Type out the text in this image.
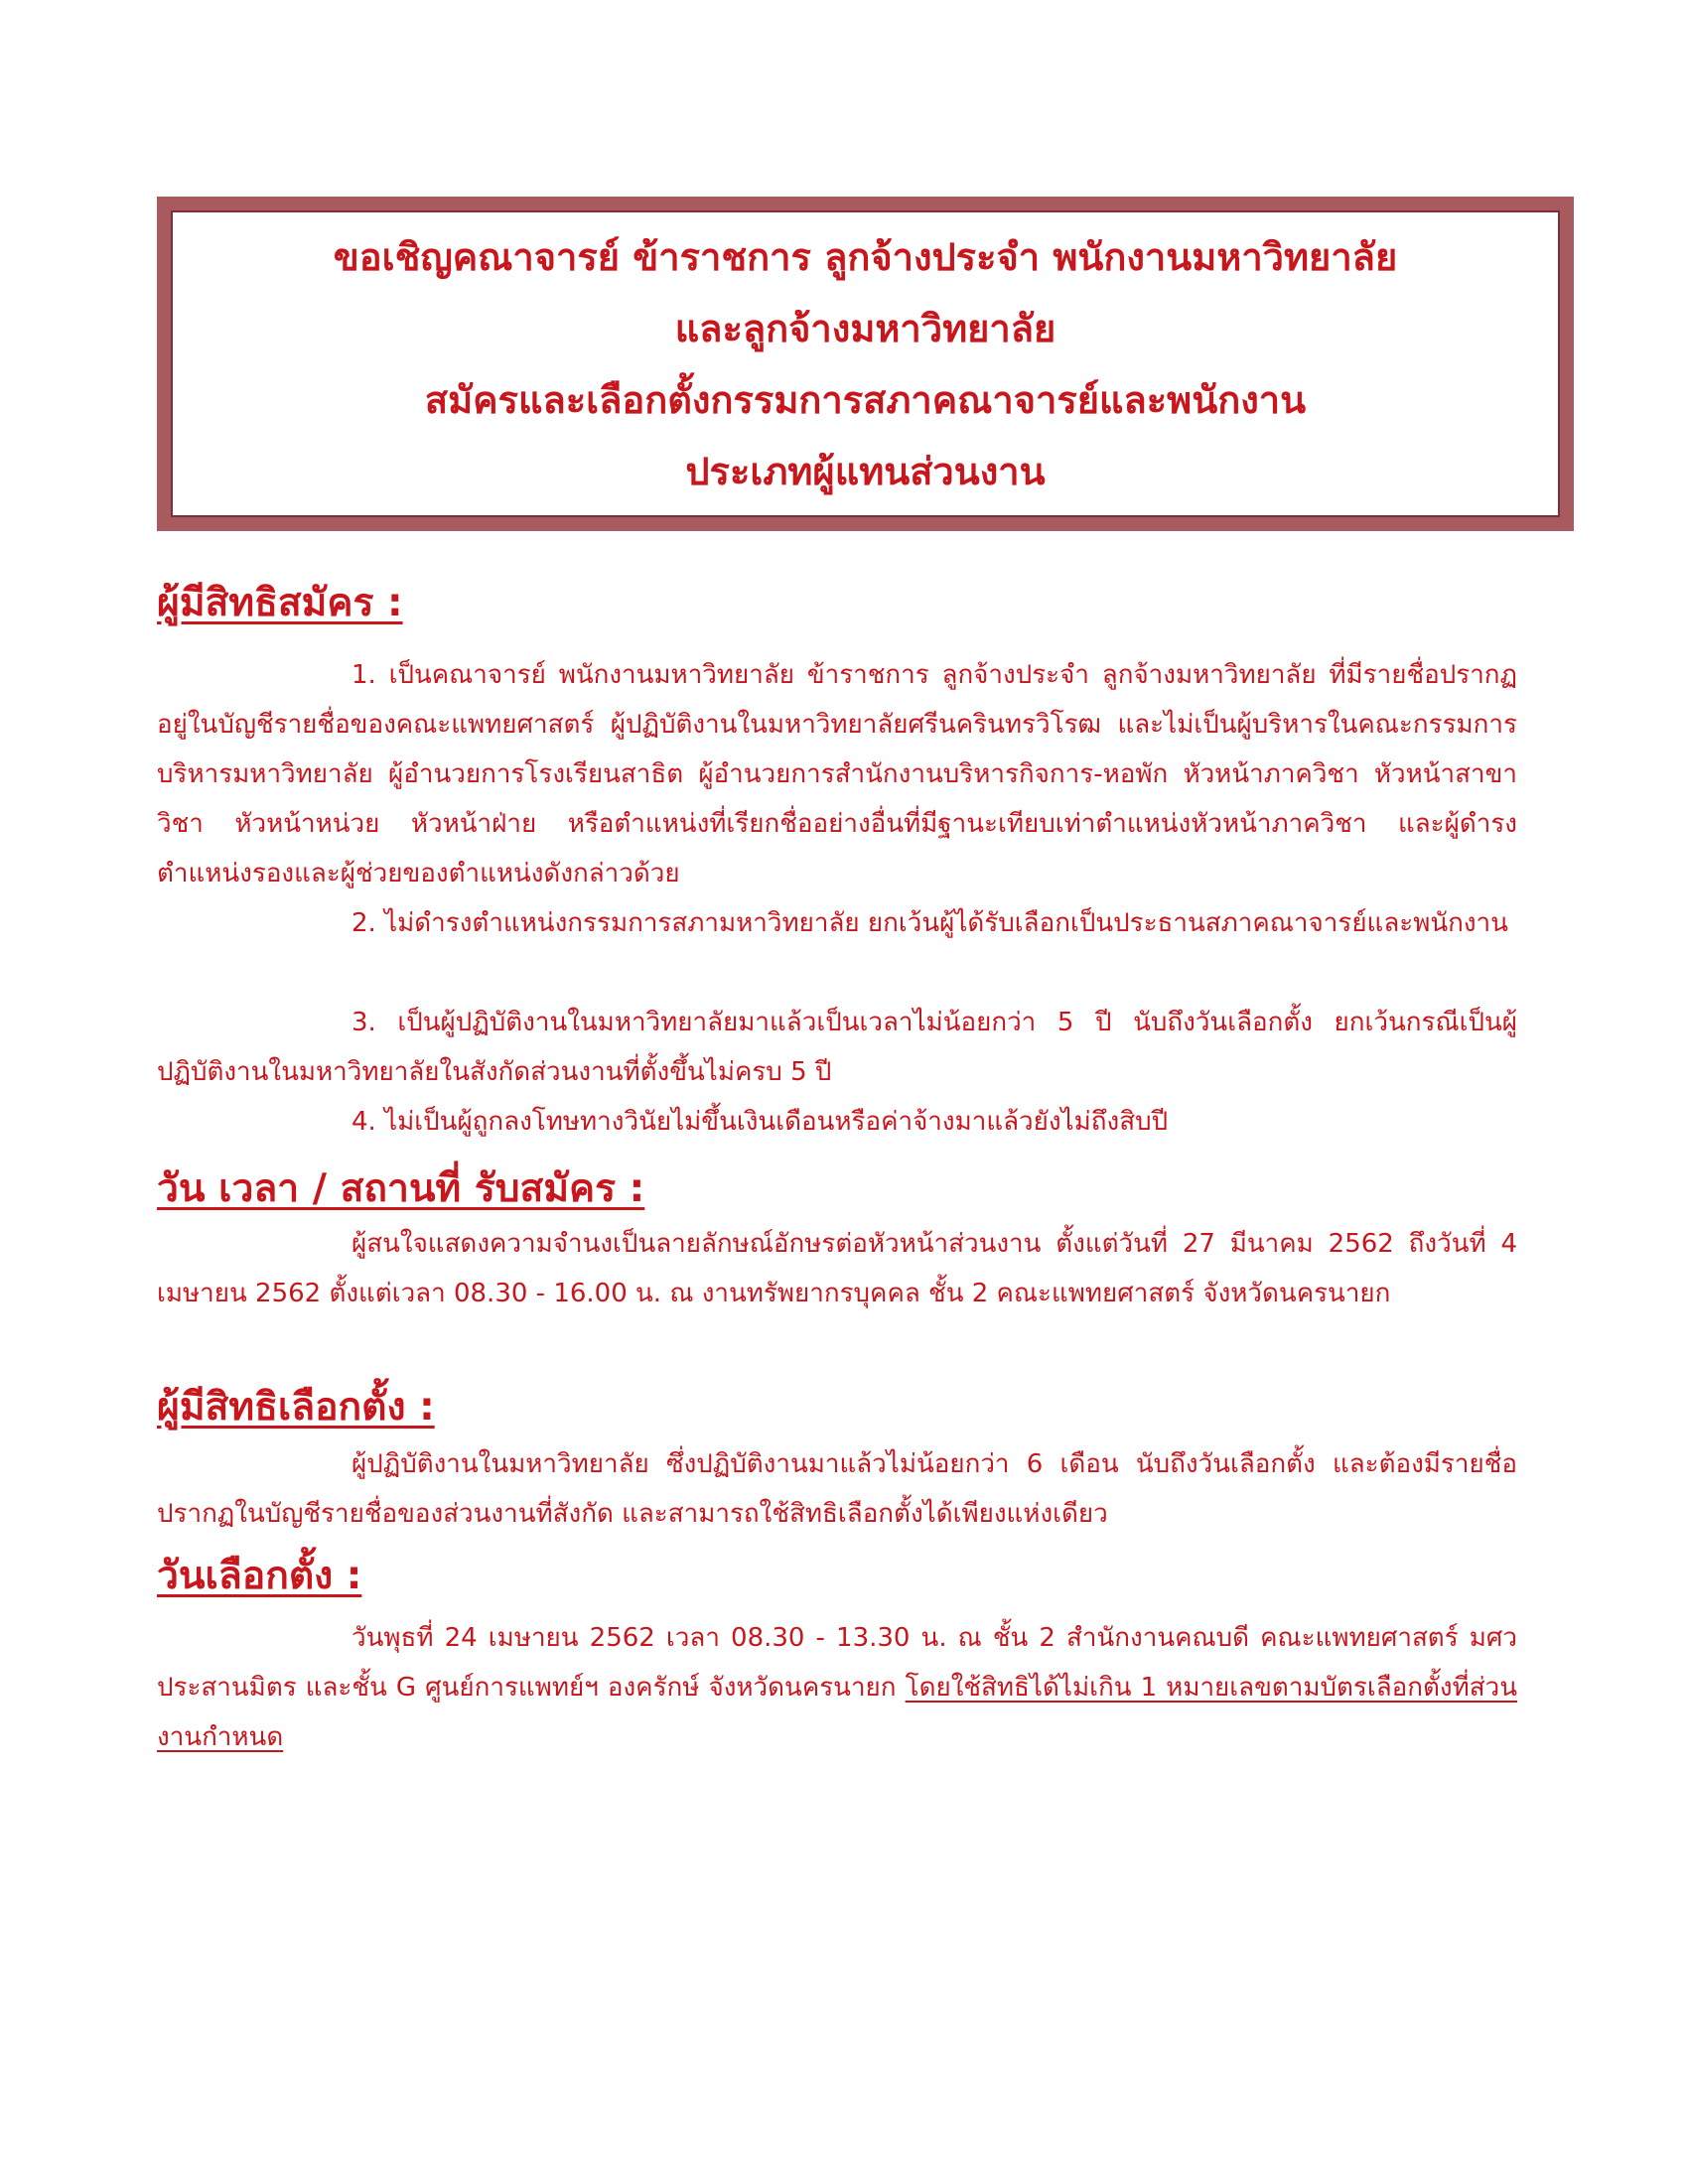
ขอเชิญคณาจารย์ ข้าราชการ ลูกจ้างประจำ พนักงานมหาวิทยาลัย
และลูกจ้างมหาวิทยาลัย
สมัครและเลือกตั้งกรรมการสภาคณาจารย์และพนักงาน
ประเภทผู้แทนส่วนงาน
ผู้มีสิทธิสมัคร :

1. เป็นคณาจารย์ พนักงานมหาวิทยาลัย ข้าราชการ ลูกจ้างประจำ ลูกจ้างมหาวิทยาลัย ที่มีรายชื่อปรากฏอยู่ในบัญชีรายชื่อของคณะแพทยศาสตร์ ผู้ปฏิบัติงานในมหาวิทยาลัยศรีนครินทรวิโรฒ และไม่เป็นผู้บริหารในคณะกรรมการบริหารมหาวิทยาลัย ผู้อำนวยการโรงเรียนสาธิต ผู้อำนวยการสำนักงานบริหารกิจการ-หอพัก หัวหน้าภาควิชา หัวหน้าสาขาวิชา หัวหน้าหน่วย หัวหน้าฝ่าย หรือตำแหน่งที่เรียกชื่ออย่างอื่นที่มีฐานะเทียบเท่าตำแหน่งหัวหน้าภาควิชา และผู้ดำรงตำแหน่งรองและผู้ช่วยของตำแหน่งดังกล่าวด้วย

2. ไม่ดำรงตำแหน่งกรรมการสภามหาวิทยาลัย ยกเว้นผู้ได้รับเลือกเป็นประธานสภาคณาจารย์และพนักงาน

3. เป็นผู้ปฏิบัติงานในมหาวิทยาลัยมาแล้วเป็นเวลาไม่น้อยกว่า 5 ปี นับถึงวันเลือกตั้ง ยกเว้นกรณีเป็นผู้ปฏิบัติงานในมหาวิทยาลัยในสังกัดส่วนงานที่ตั้งขึ้นไม่ครบ 5 ปี

4. ไม่เป็นผู้ถูกลงโทษทางวินัยไม่ขึ้นเงินเดือนหรือค่าจ้างมาแล้วยังไม่ถึงสิบปี

วัน เวลา / สถานที่ รับสมัคร :

ผู้สนใจแสดงความจำนงเป็นลายลักษณ์อักษรต่อหัวหน้าส่วนงาน ตั้งแต่วันที่ 27 มีนาคม 2562 ถึงวันที่ 4 เมษายน 2562 ตั้งแต่เวลา 08.30 - 16.00 น. ณ งานทรัพยากรบุคคล ชั้น 2 คณะแพทยศาสตร์ จังหวัดนครนายก

ผู้มีสิทธิเลือกตั้ง :

ผู้ปฏิบัติงานในมหาวิทยาลัย ซึ่งปฏิบัติงานมาแล้วไม่น้อยกว่า 6 เดือน นับถึงวันเลือกตั้ง และต้องมีรายชื่อปรากฏในบัญชีรายชื่อของส่วนงานที่สังกัด และสามารถใช้สิทธิเลือกตั้งได้เพียงแห่งเดียว

วันเลือกตั้ง :

วันพุธที่ 24 เมษายน 2562 เวลา 08.30 - 13.30 น. ณ ชั้น 2 สำนักงานคณบดี คณะแพทยศาสตร์ มศว ประสานมิตร และชั้น G ศูนย์การแพทย์ฯ องครักษ์ จังหวัดนครนายก โดยใช้สิทธิได้ไม่เกิน 1 หมายเลขตามบัตรเลือกตั้งที่ส่วนงานกำหนด
